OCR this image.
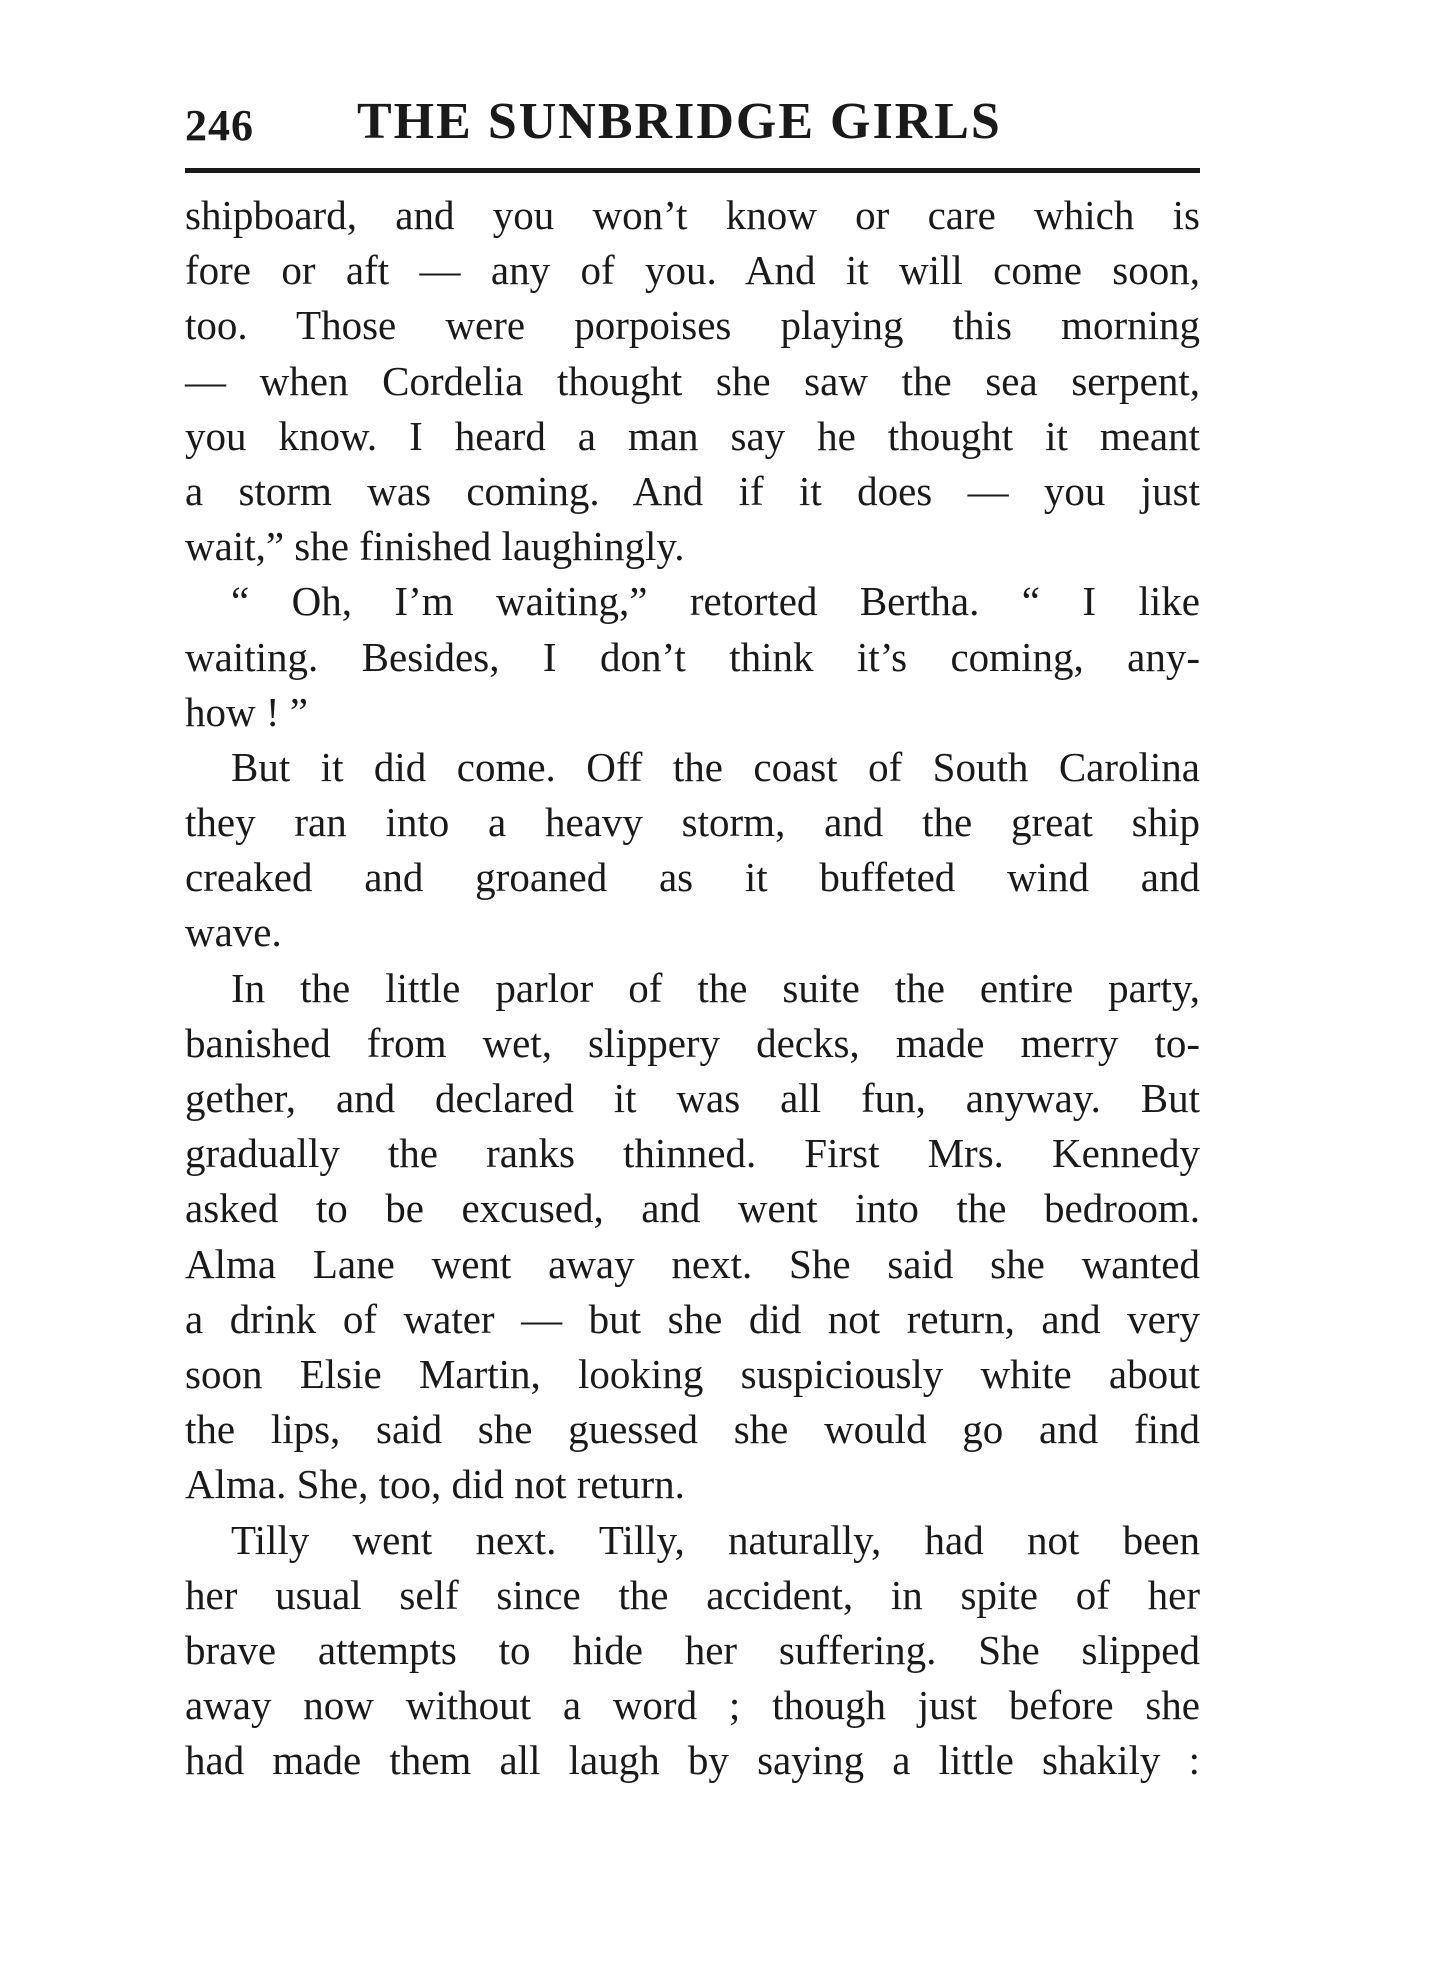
246 THE SUNBRIDGE GIRLS
shipboard, and you won’t know or care which is
fore or aft — any of you. And it will come soon,
too. Those were porpoises playing this morning
— when Cordelia thought she saw the sea serpent,
you know. I heard a man say he thought it meant
a storm was coming. And if it does — you just
wait,” she finished laughingly.
“ Oh, I’m waiting,” retorted Bertha. “ I like
waiting. Besides, I don’t think it’s coming, any-
how ! ”
But it did come. Off the coast of South Carolina
they ran into a heavy storm, and the great ship
creaked and groaned as it buffeted wind and
wave.
In the little parlor of the suite the entire party,
banished from wet, slippery decks, made merry to-
gether, and declared it was all fun, anyway. But
gradually the ranks thinned. First Mrs. Kennedy
asked to be excused, and went into the bedroom.
Alma Lane went away next. She said she wanted
a drink of water — but she did not return, and very
soon Elsie Martin, looking suspiciously white about
the lips, said she guessed she would go and find
Alma. She, too, did not return.
Tilly went next. Tilly, naturally, had not been
her usual self since the accident, in spite of her
brave attempts to hide her suffering. She slipped
away now without a word ; though just before she
had made them all laugh by saying a little shakily :
